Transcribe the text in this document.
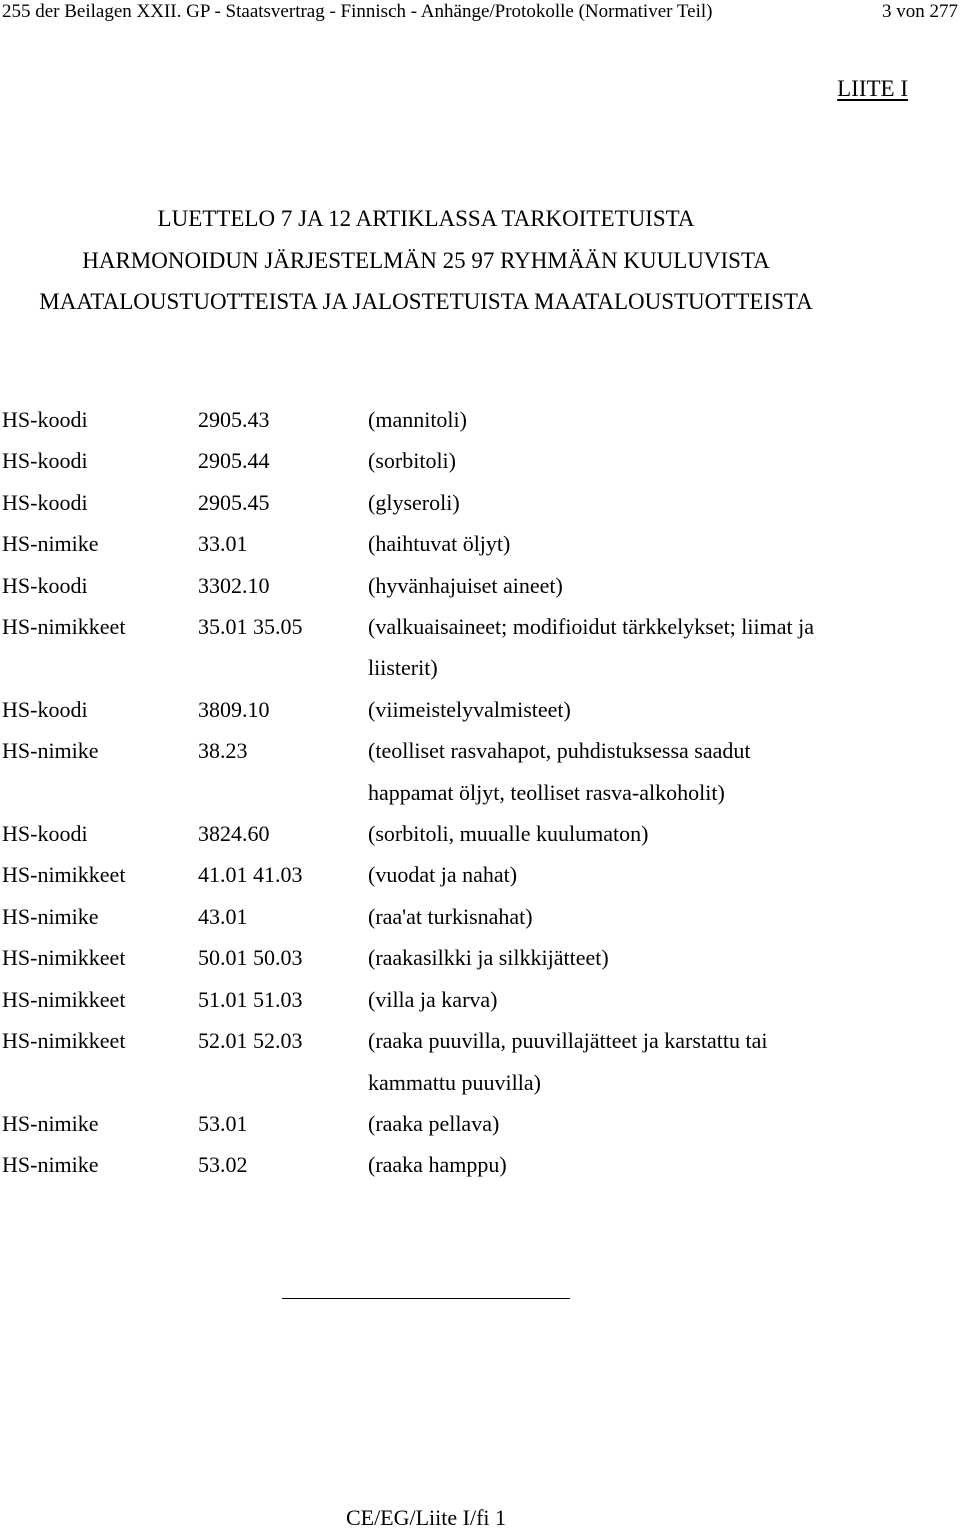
255 der Beilagen XXII. GP - Staatsvertrag - Finnisch - Anhänge/Protokolle (Normativer Teil)	3 von 277
LIITE I
LUETTELO 7 JA 12 ARTIKLASSA TARKOITETUISTA
HARMONOIDUN JÄRJESTELMÄN 25 97 RYHMÄÄN KUULUVISTA
MAATALOUSTUOTTEISTA JA JALOSTETUISTA MAATALOUSTUOTTEISTA
HS-koodi	2905.43	(mannitoli)
HS-koodi	2905.44	(sorbitoli)
HS-koodi	2905.45	(glyseroli)
HS-nimike	33.01	(haihtuvat öljyt)
HS-koodi	3302.10	(hyvänhajuiset aineet)
HS-nimikkeet	35.01 35.05	(valkuaisaineet; modifioidut tärkkelykset; liimat ja liisterit)
HS-koodi	3809.10	(viimeistelyvalmisteet)
HS-nimike	38.23	(teolliset rasvahapot, puhdistuksessa saadut happamat öljyt, teolliset rasva-alkoholit)
HS-koodi	3824.60	(sorbitoli, muualle kuulumaton)
HS-nimikkeet	41.01 41.03	(vuodat ja nahat)
HS-nimike	43.01	(raa'at turkisnahat)
HS-nimikkeet	50.01 50.03	(raakasilkki ja silkkijätteet)
HS-nimikkeet	51.01 51.03	(villa ja karva)
HS-nimikkeet	52.01 52.03	(raaka puuvilla, puuvillajätteet ja karstattu tai kammattu puuvilla)
HS-nimike	53.01	(raaka pellava)
HS-nimike	53.02	(raaka hamppu)
CE/EG/Liite I/fi 1
